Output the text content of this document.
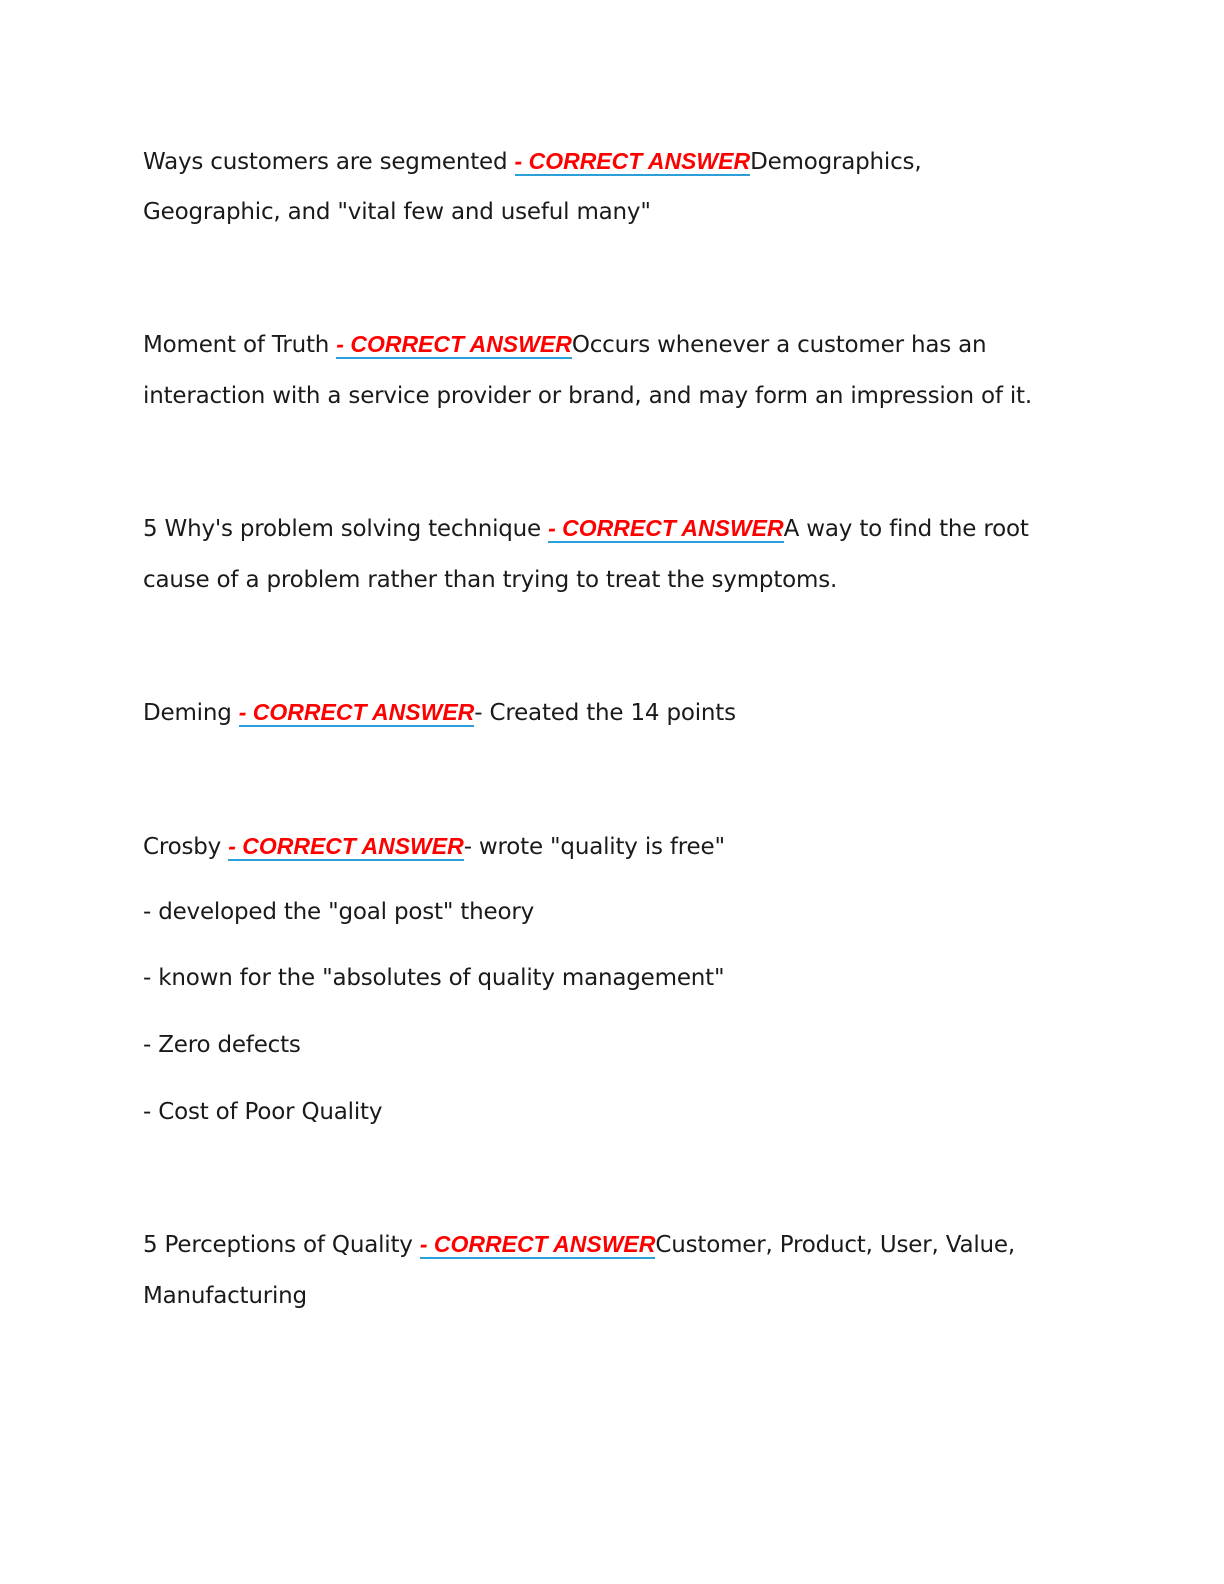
Ways customers are segmented - CORRECT ANSWERDemographics,
Geographic, and "vital few and useful many"
Moment of Truth - CORRECT ANSWEROccurs whenever a customer has an
interaction with a service provider or brand, and may form an impression of it.
5 Why's problem solving technique - CORRECT ANSWERA way to find the root
cause of a problem rather than trying to treat the symptoms.
Deming - CORRECT ANSWER- Created the 14 points
Crosby - CORRECT ANSWER- wrote "quality is free"
- developed the "goal post" theory
- known for the "absolutes of quality management"
- Zero defects
- Cost of Poor Quality
5 Perceptions of Quality - CORRECT ANSWERCustomer, Product, User, Value,
Manufacturing
